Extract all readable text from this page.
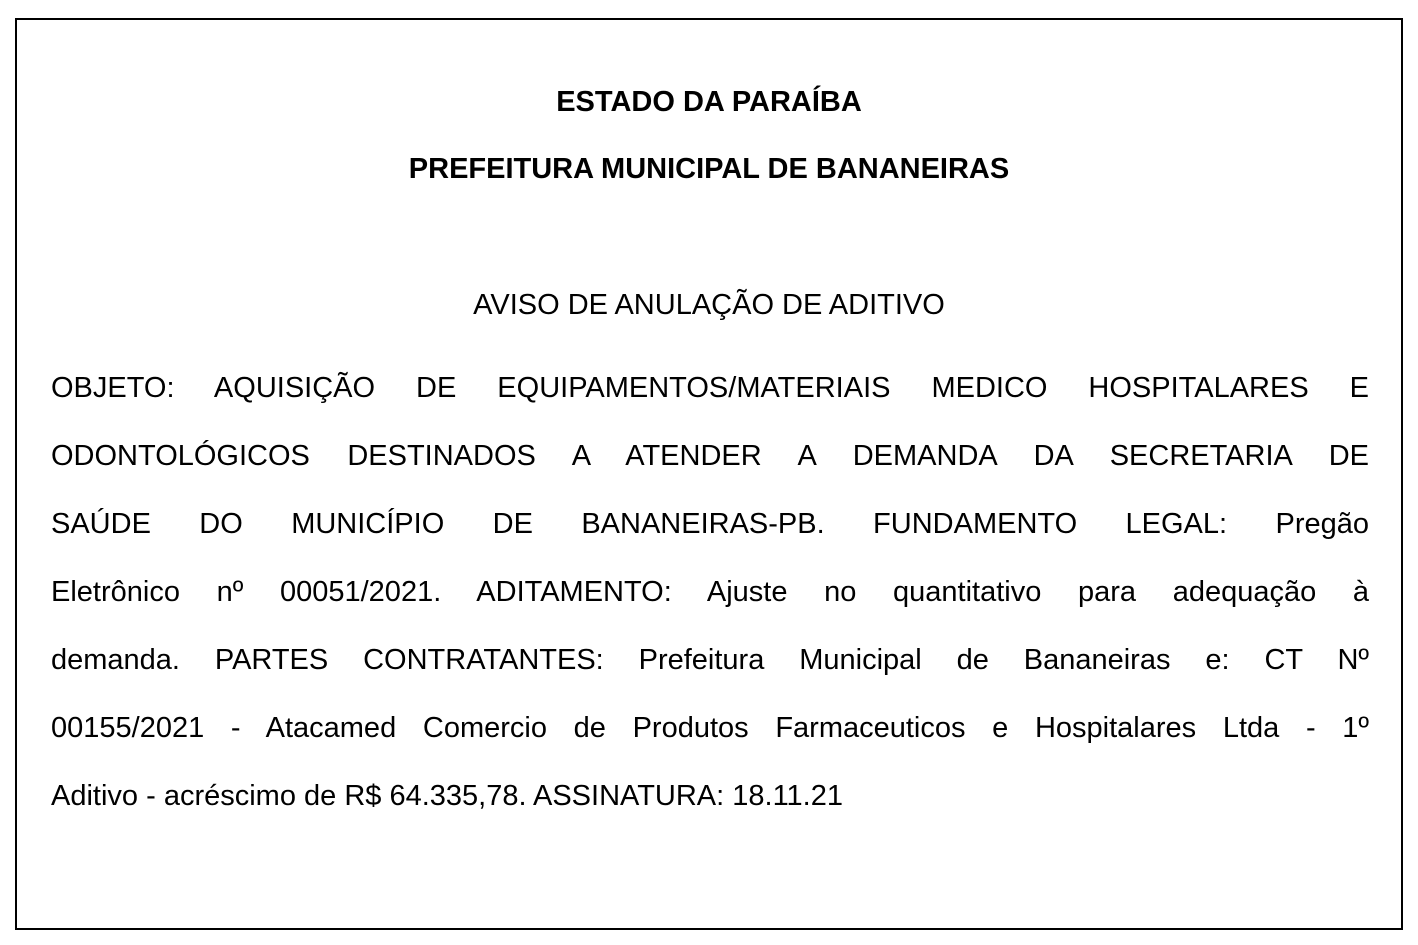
ESTADO DA PARAÍBA
PREFEITURA MUNICIPAL DE BANANEIRAS
AVISO DE ANULAÇÃO DE ADITIVO
OBJETO: AQUISIÇÃO DE EQUIPAMENTOS/MATERIAIS MEDICO HOSPITALARES E
ODONTOLÓGICOS DESTINADOS A ATENDER A DEMANDA DA SECRETARIA DE
SAÚDE DO MUNICÍPIO DE BANANEIRAS-PB. FUNDAMENTO LEGAL: Pregão
Eletrônico nº 00051/2021. ADITAMENTO: Ajuste no quantitativo para adequação à
demanda. PARTES CONTRATANTES: Prefeitura Municipal de Bananeiras e: CT Nº
00155/2021 - Atacamed Comercio de Produtos Farmaceuticos e Hospitalares Ltda - 1º
Aditivo - acréscimo de R$ 64.335,78. ASSINATURA: 18.11.21
